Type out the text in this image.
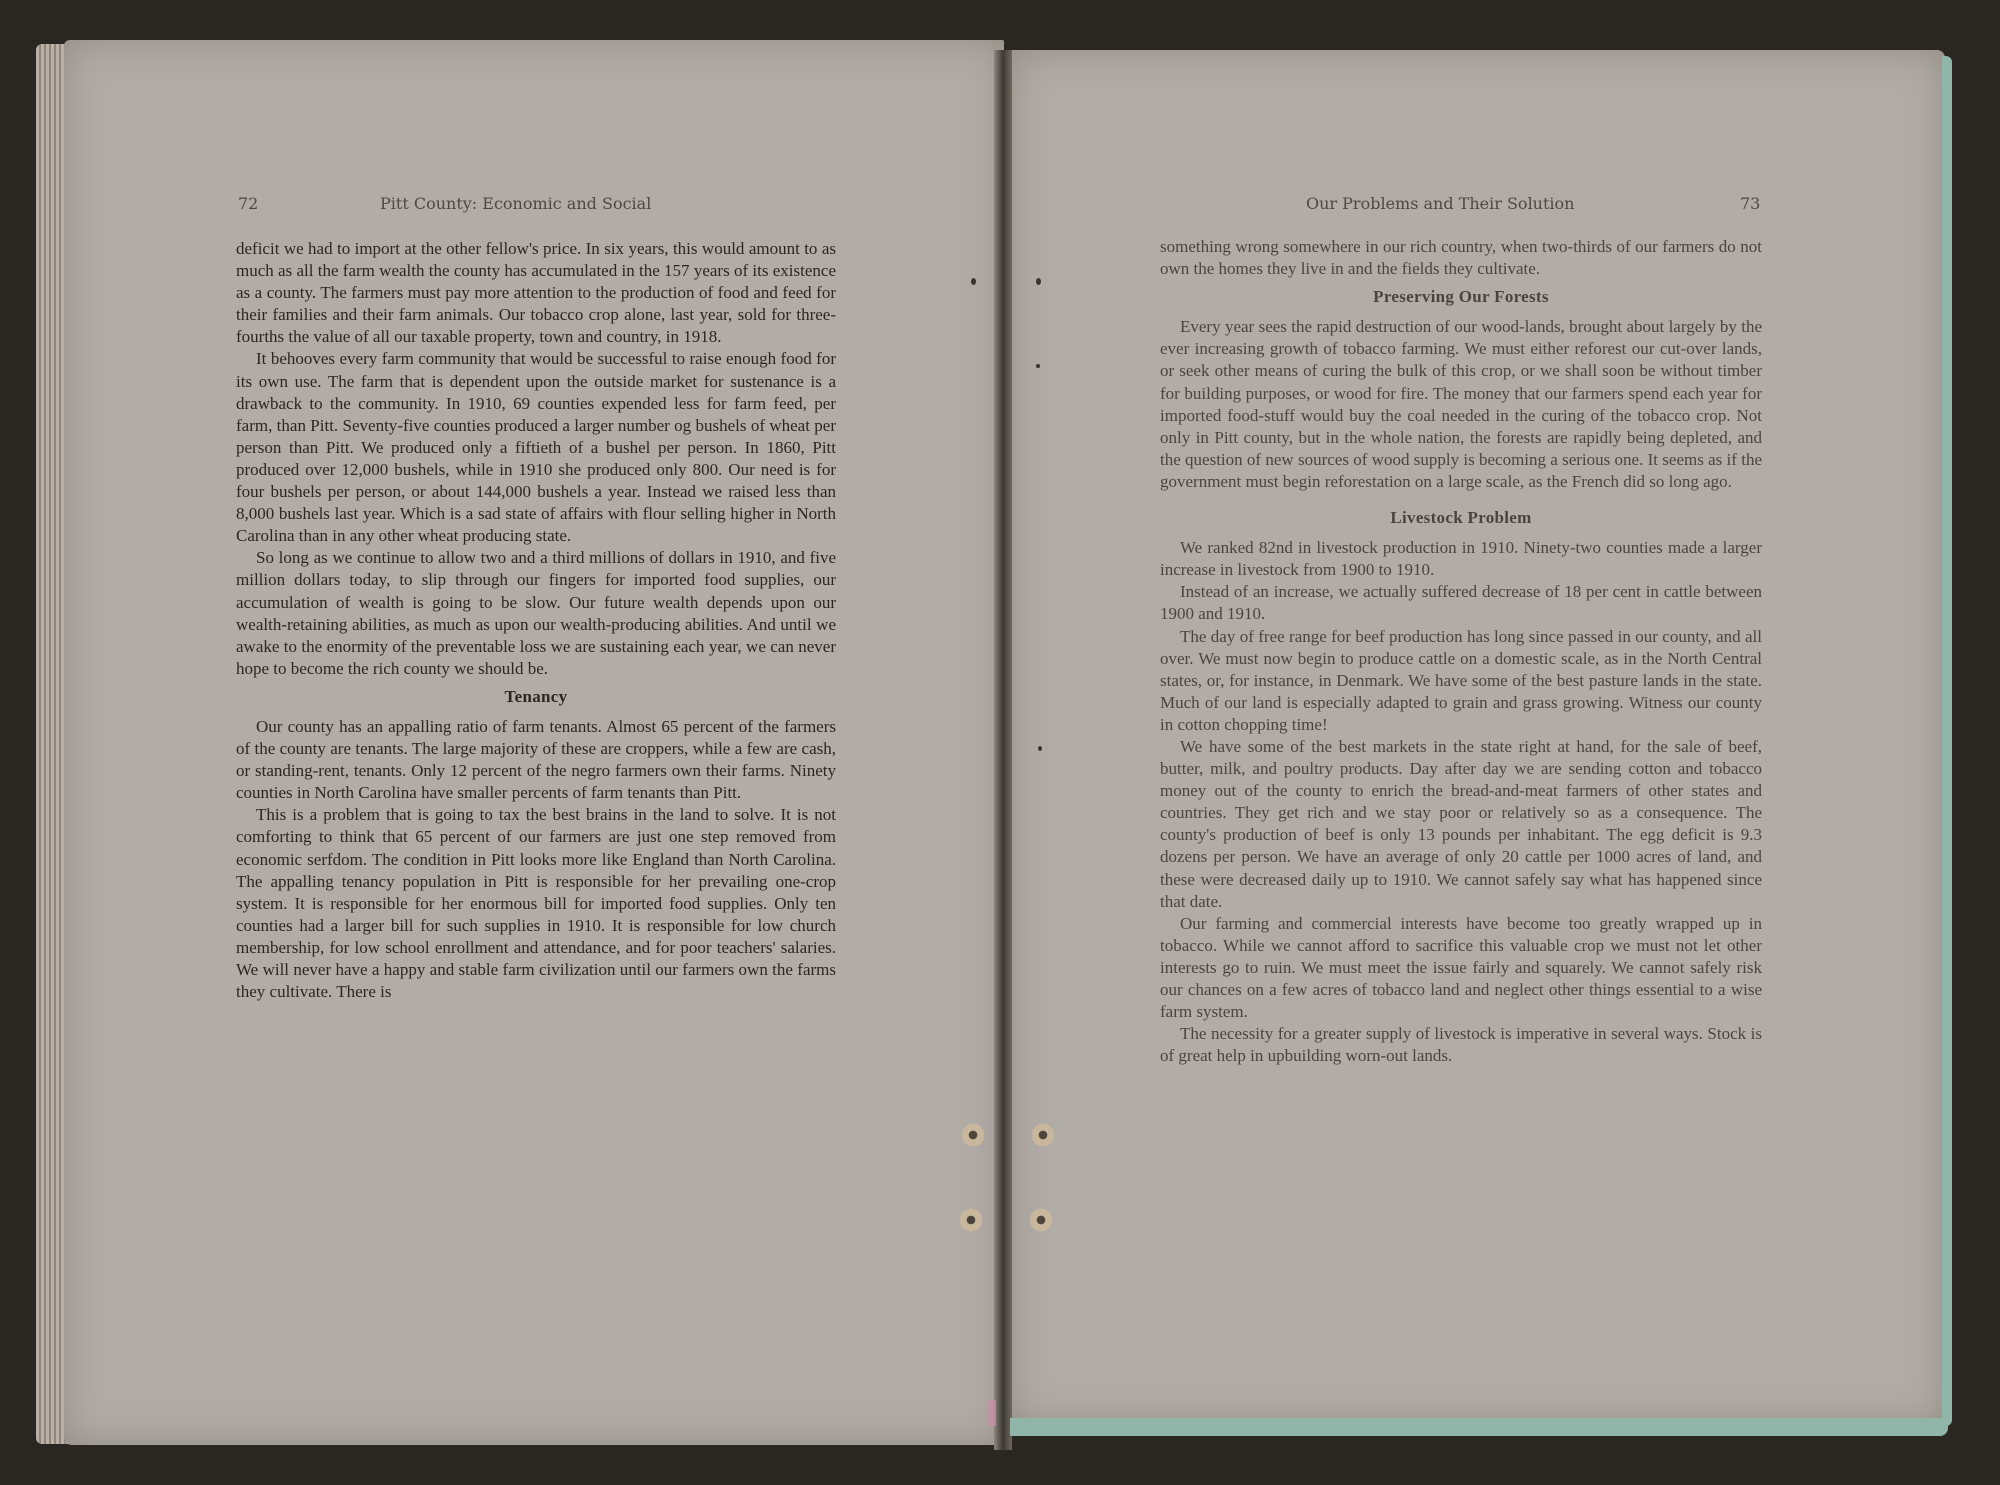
72	Pitt County: Economic and Social	Our Problems and Their Solution	73

deficit we had to import at the other fellow's price. In six years, this would amount to as much as all the farm wealth the county has accumulated in the 157 years of its existence as a county. The farmers must pay more attention to the production of food and feed for their families and their farm animals. Our tobacco crop alone, last year, sold for three-fourths the value of all our taxable property, town and country, in 1918.

It behooves every farm community that would be successful to raise enough food for its own use. The farm that is dependent upon the outside market for sustenance is a drawback to the community. In 1910, 69 counties expended less for farm feed, per farm, than Pitt. Seventy-five counties produced a larger number og bushels of wheat per person than Pitt. We produced only a fiftieth of a bushel per person. In 1860, Pitt produced over 12,000 bushels, while in 1910 she produced only 800. Our need is for four bushels per person, or about 144,000 bushels a year. Instead we raised less than 8,000 bushels last year. Which is a sad state of affairs with flour selling higher in North Carolina than in any other wheat producing state.

So long as we continue to allow two and a third millions of dollars in 1910, and five million dollars today, to slip through our fingers for imported food supplies, our accumulation of wealth is going to be slow. Our future wealth depends upon our wealth-retaining abilities, as much as upon our wealth-producing abilities. And until we awake to the enormity of the preventable loss we are sustaining each year, we can never hope to become the rich county we should be.

Tenancy

Our county has an appalling ratio of farm tenants. Almost 65 percent of the farmers of the county are tenants. The large majority of these are croppers, while a few are cash, or standing-rent, tenants. Only 12 percent of the negro farmers own their farms. Ninety counties in North Carolina have smaller percents of farm tenants than Pitt.

This is a problem that is going to tax the best brains in the land to solve. It is not comforting to think that 65 percent of our farmers are just one step removed from economic serfdom. The condition in Pitt looks more like England than North Carolina. The appalling tenancy population in Pitt is responsible for her prevailing one-crop system. It is responsible for her enormous bill for imported food supplies. Only ten counties had a larger bill for such supplies in 1910. It is responsible for low church membership, for low school enrollment and attendance, and for poor teachers' salaries. We will never have a happy and stable farm civilization until our farmers own the farms they cultivate. There is

something wrong somewhere in our rich country, when two-thirds of our farmers do not own the homes they live in and the fields they cultivate.

Preserving Our Forests

Every year sees the rapid destruction of our wood-lands, brought about largely by the ever increasing growth of tobacco farming. We must either reforest our cut-over lands, or seek other means of curing the bulk of this crop, or we shall soon be without timber for building purposes, or wood for fire. The money that our farmers spend each year for imported food-stuff would buy the coal needed in the curing of the tobacco crop. Not only in Pitt county, but in the whole nation, the forests are rapidly being depleted, and the question of new sources of wood supply is becoming a serious one. It seems as if the government must begin reforestation on a large scale, as the French did so long ago.

Livestock Problem

We ranked 82nd in livestock production in 1910. Ninety-two counties made a larger increase in livestock from 1900 to 1910.

Instead of an increase, we actually suffered decrease of 18 per cent in cattle between 1900 and 1910.

The day of free range for beef production has long since passed in our county, and all over. We must now begin to produce cattle on a domestic scale, as in the North Central states, or, for instance, in Denmark. We have some of the best pasture lands in the state. Much of our land is especially adapted to grain and grass growing. Witness our county in cotton chopping time!

We have some of the best markets in the state right at hand, for the sale of beef, butter, milk, and poultry products. Day after day we are sending cotton and tobacco money out of the county to enrich the bread-and-meat farmers of other states and countries. They get rich and we stay poor or relatively so as a consequence. The county's production of beef is only 13 pounds per inhabitant. The egg deficit is 9.3 dozens per person. We have an average of only 20 cattle per 1000 acres of land, and these were decreased daily up to 1910. We cannot safely say what has happened since that date.

Our farming and commercial interests have become too greatly wrapped up in tobacco. While we cannot afford to sacrifice this valuable crop we must not let other interests go to ruin. We must meet the issue fairly and squarely. We cannot safely risk our chances on a few acres of tobacco land and neglect other things essential to a wise farm system.

The necessity for a greater supply of livestock is imperative in several ways. Stock is of great help in upbuilding worn-out lands.
